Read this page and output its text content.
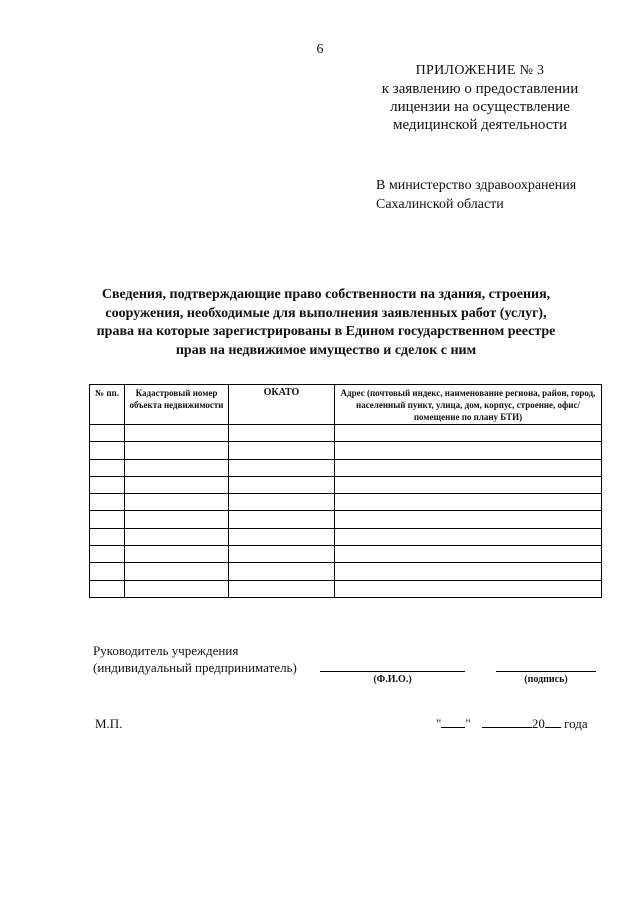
6
ПРИЛОЖЕНИЕ № 3
к заявлению о предоставлении
лицензии на осуществление
медицинской деятельности
В министерство здравоохранения
Сахалинской области
Сведения, подтверждающие право собственности на здания, строения,
сооружения, необходимые для выполнения заявленных работ (услуг),
права на которые зарегистрированы в Едином государственном реестре
прав на недвижимое имущество и сделок с ним
№ пп.	Кадастровый номер объекта недвижимости	ОКАТО	Адрес (почтовый индекс, наименование региона, район, город, населенный пункт, улица, дом, корпус, строение, офис/помещение по плану БТИ)

Руководитель учреждения
(индивидуальный предприниматель)
(Ф.И.О.)	(подпись)
М.П.	" "	20 года
